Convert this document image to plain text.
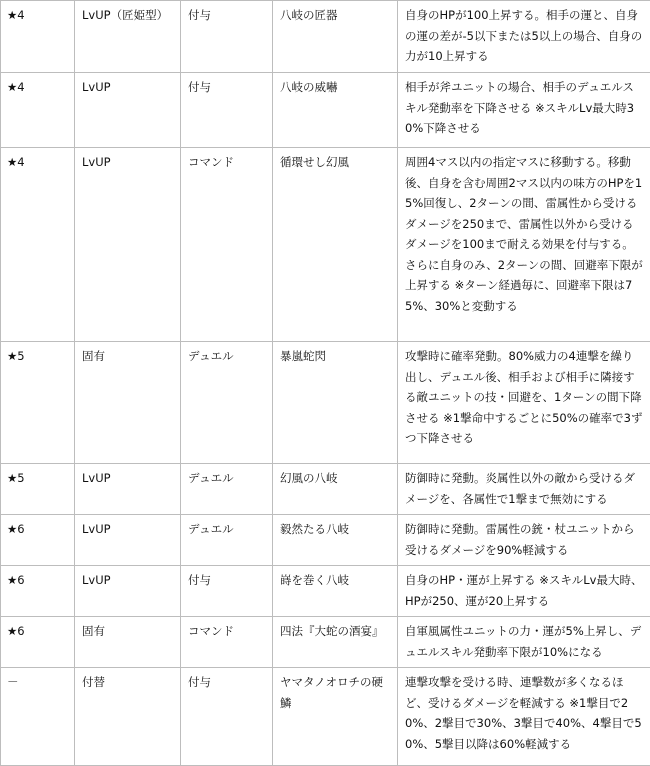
★4	LvUP（匠姫型）	付与	八岐の匠器	自身のHPが100上昇する。相手の運と、自身の運の差が-5以下または5以上の場合、自身の力が10上昇する
★4	LvUP	付与	八岐の威嚇	相手が斧ユニットの場合、相手のデュエルスキル発動率を下降させる ※スキルLv最大時30%下降させる
★4	LvUP	コマンド	循環せし幻風	周囲4マス以内の指定マスに移動する。移動後、自身を含む周囲2マス以内の味方のHPを15%回復し、2ターンの間、雷属性から受けるダメージを250まで、雷属性以外から受けるダメージを100まで耐える効果を付与する。さらに自身のみ、2ターンの間、回避率下限が上昇する ※ターン経過毎に、回避率下限は75%、30%と変動する
★5	固有	デュエル	暴嵐蛇閃	攻撃時に確率発動。80%威力の4連撃を繰り出し、デュエル後、相手および相手に隣接する敵ユニットの技・回避を、1ターンの間下降させる ※1撃命中するごとに50%の確率で3ずつ下降させる
★5	LvUP	デュエル	幻風の八岐	防御時に発動。炎属性以外の敵から受けるダメージを、各属性で1撃まで無効にする
★6	LvUP	デュエル	毅然たる八岐	防御時に発動。雷属性の銃・杖ユニットから受けるダメージを90%軽減する
★6	LvUP	付与	嵵を巻く八岐	自身のHP・運が上昇する ※スキルLv最大時、HPが250、運が20上昇する
★6	固有	コマンド	四法『大蛇の酒宴』	自軍風属性ユニットの力・運が5%上昇し、デュエルスキル発動率下限が10%になる
－	付替	付与	ヤマタノオロチの硬鱗	連撃攻撃を受ける時、連撃数が多くなるほど、受けるダメージを軽減する ※1撃目で20%、2撃目で30%、3撃目で40%、4撃目で50%、5撃目以降は60%軽減する
